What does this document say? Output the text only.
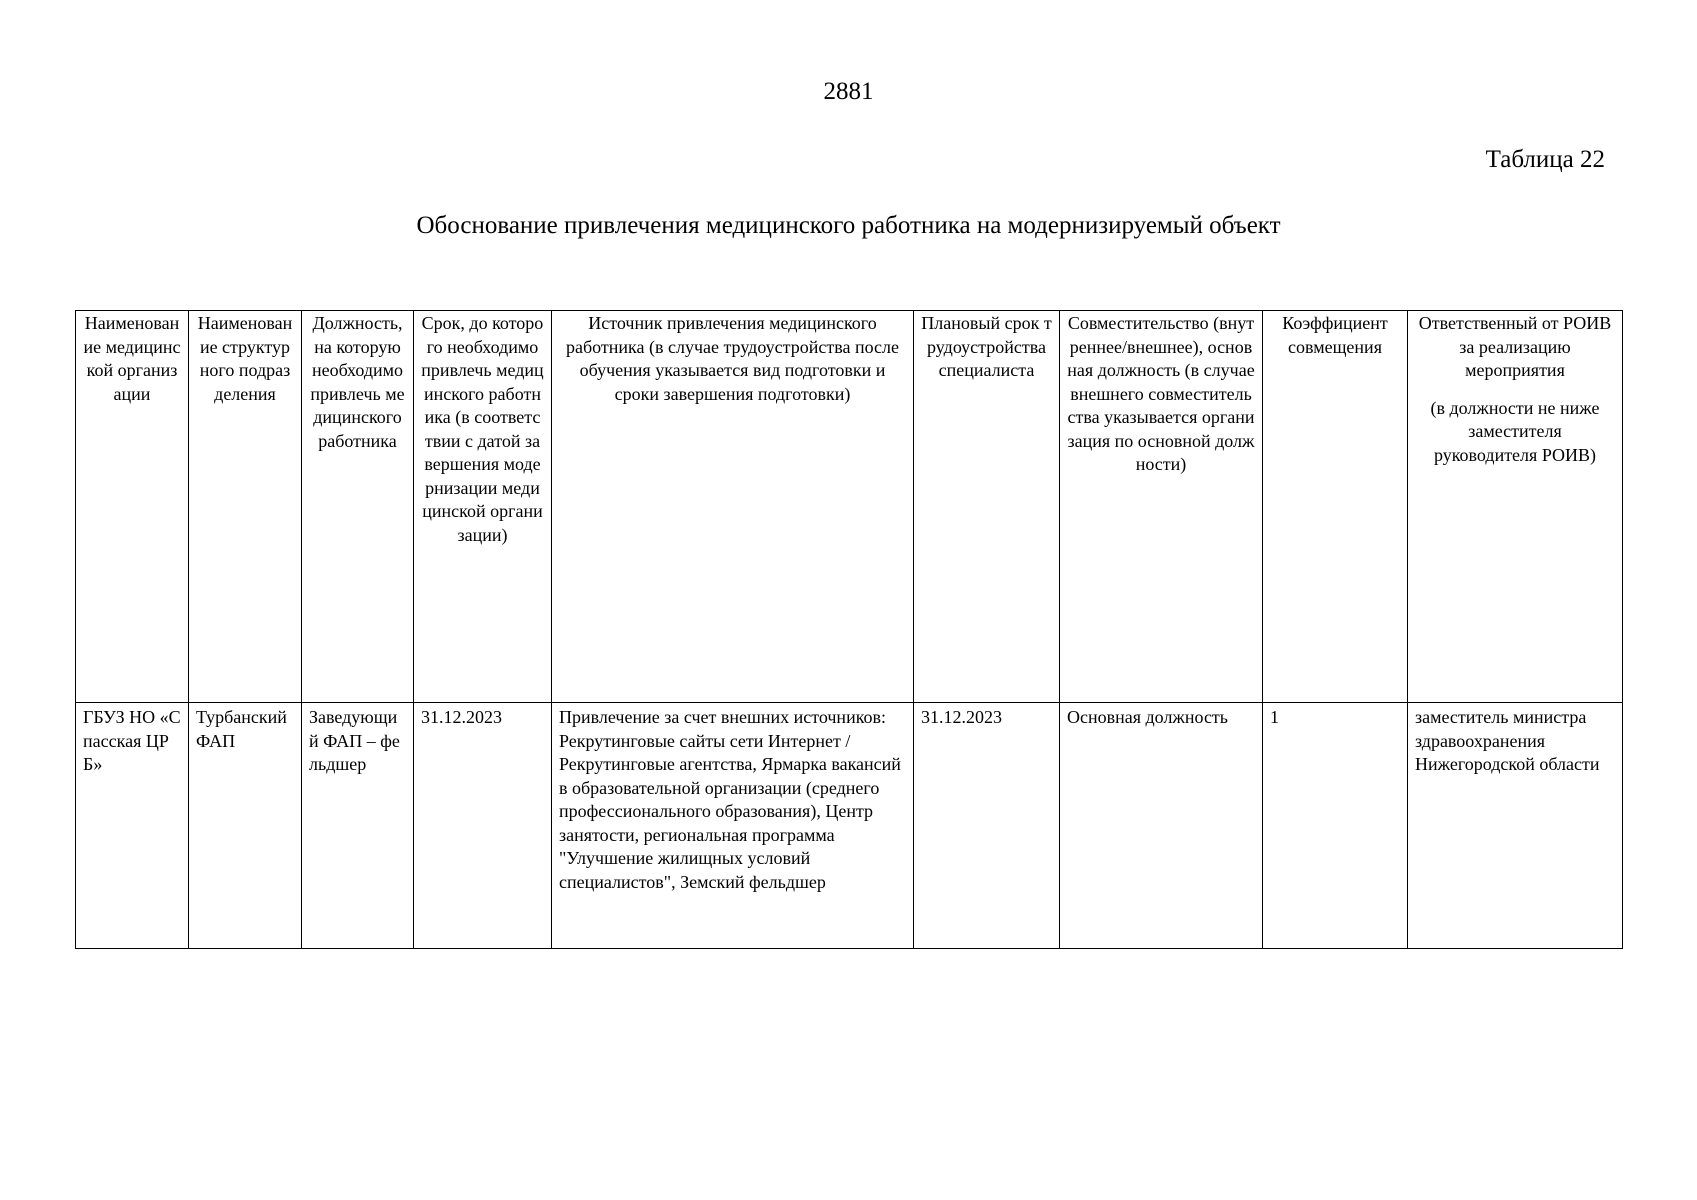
2881
Таблица 22
Обоснование привлечения медицинского работника на модернизируемый объект
Наименование медицинской организации	Наименование структурного подразделения	Должность, на которую необходимо привлечь медицинского работника	Срок, до которого необходимо привлечь медицинского работника (в соответствии с датой завершения модернизации медицинской организации)	Источник привлечения медицинского работника (в случае трудоустройства после обучения указывается вид подготовки и сроки завершения подготовки)	Плановый срок трудоустройства специалиста	Совместительство (внутреннее/внешнее), основная должность (в случае внешнего совместительства указывается организация по основной должности)	Коэффициент совмещения	Ответственный от РОИВ за реализацию мероприятия
(в должности не ниже заместителя руководителя РОИВ)

ГБУЗ НО «Спасская ЦРБ»	Турбанский ФАП	Заведующий ФАП – фельдшер	31.12.2023	Привлечение за счет внешних источников: Рекрутинговые сайты сети Интернет / Рекрутинговые агентства, Ярмарка вакансий в образовательной организации (среднего профессионального образования), Центр занятости, региональная программа "Улучшение жилищных условий специалистов", Земский фельдшер	31.12.2023	Основная должность	1	заместитель министра здравоохранения Нижегородской области
